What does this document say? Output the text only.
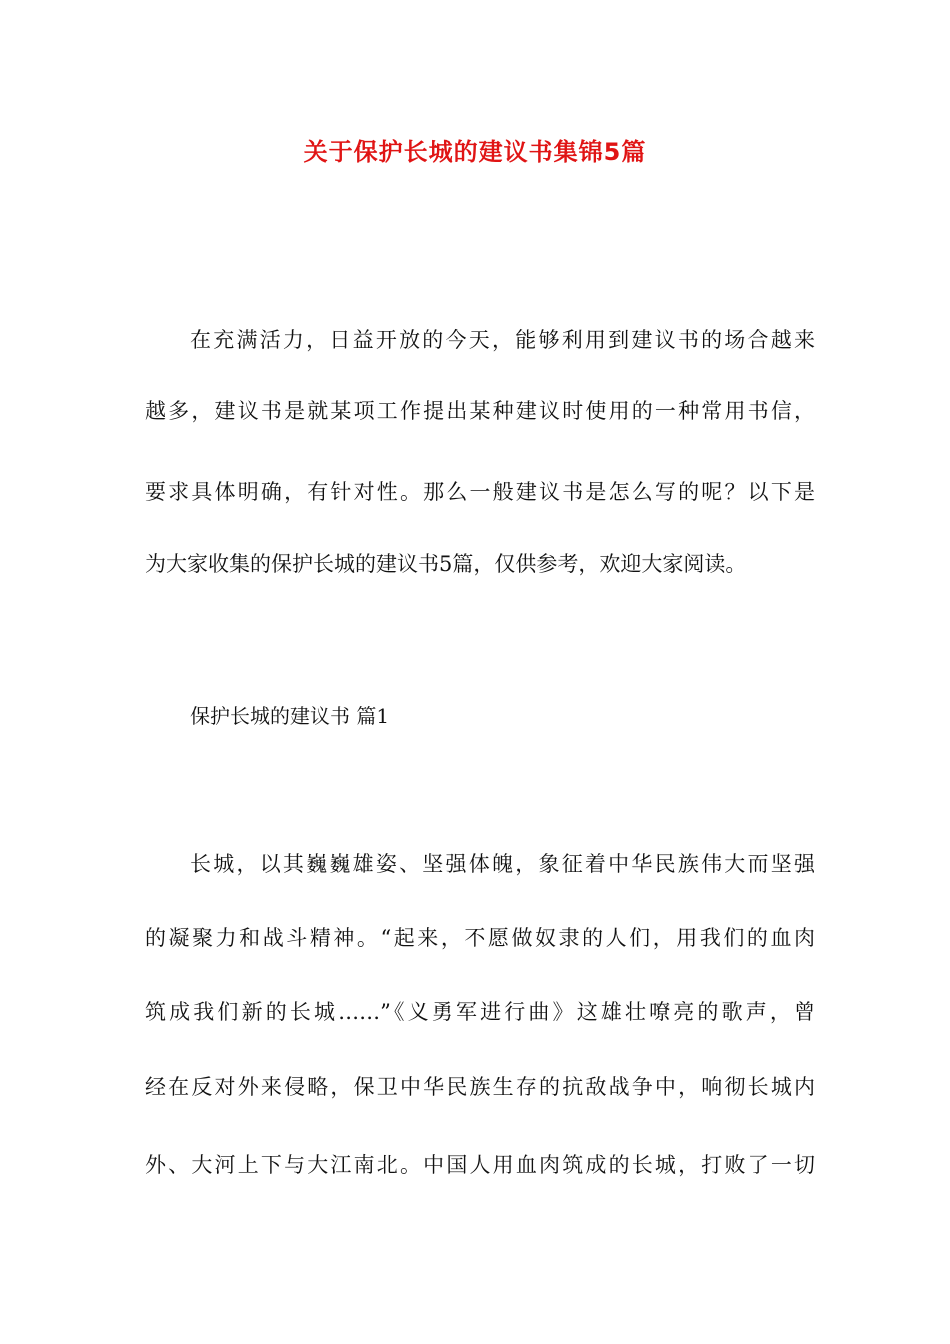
关于保护长城的建议书集锦5篇
在充满活力，日益开放的今天，能够利用到建议书的场合越来
越多，建议书是就某项工作提出某种建议时使用的一种常用书信，
要求具体明确，有针对性。那么一般建议书是怎么写的呢？以下是
为大家收集的保护长城的建议书5篇，仅供参考，欢迎大家阅读。
保护长城的建议书 篇1
长城，以其巍巍雄姿、坚强体魄，象征着中华民族伟大而坚强
的凝聚力和战斗精神。“起来，不愿做奴隶的人们，用我们的血肉
筑成我们新的长城……”《义勇军进行曲》这雄壮嘹亮的歌声，曾
经在反对外来侵略，保卫中华民族生存的抗敌战争中，响彻长城内
外、大河上下与大江南北。中国人用血肉筑成的长城，打败了一切
